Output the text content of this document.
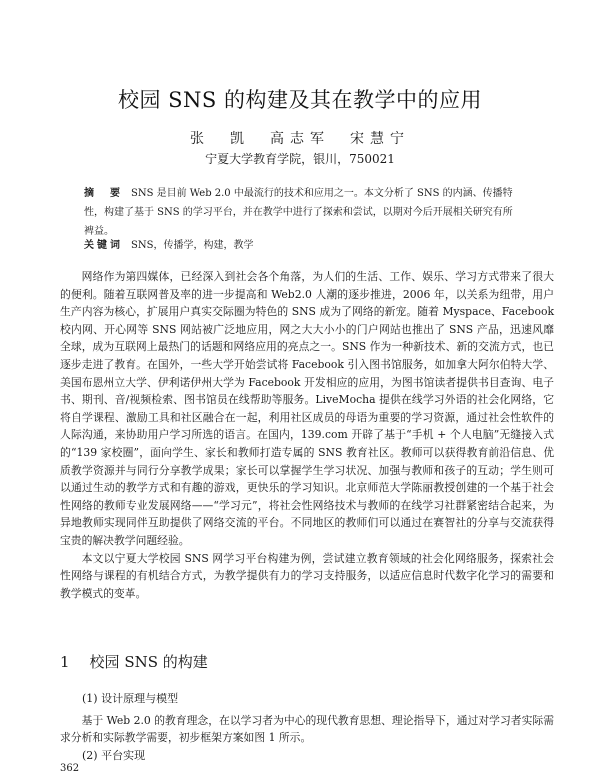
校园 SNS 的构建及其在教学中的应用
张　凯　高志军　宋慧宁
宁夏大学教育学院，银川，750021
摘　要 SNS 是目前 Web 2.0 中最流行的技术和应用之一。本文分析了 SNS 的内涵、传播特性，构建了基于 SNS 的学习平台，并在教学中进行了探索和尝试，以期对今后开展相关研究有所裨益。
关键词 SNS，传播学，构建，教学

网络作为第四媒体，已经深入到社会各个角落，为人们的生活、工作、娱乐、学习方式带来了很大的便利。随着互联网普及率的进一步提高和 Web2.0 人潮的逐步推进，2006 年，以关系为纽带，用户生产内容为核心，扩展用户真实交际圈为特色的 SNS 成为了网络的新宠。随着 Myspace、Facebook 校内网、开心网等 SNS 网站被广泛地应用，网之大大小小的门户网站也推出了 SNS 产品，迅速风靡全球，成为互联网上最热门的话题和网络应用的亮点之一。SNS 作为一种新技术、新的交流方式，也已逐步走进了教育。在国外，一些大学开始尝试将 Facebook 引入图书馆服务，如加拿大阿尔伯特大学、美国布恩州立大学、伊利诺伊州大学为 Facebook 开发相应的应用，为图书馆读者提供书目查询、电子书、期刊、音/视频检索、图书馆员在线帮助等服务。LiveMocha 提供在线学习外语的社会化网络，它将自学课程、激励工具和社区融合在一起，利用社区成员的母语为重要的学习资源，通过社会性软件的人际沟通，来协助用户学习所选的语言。在国内，139.com 开辟了基于“手机 + 个人电脑”无缝接入式的“139 家校圈”，面向学生、家长和教师打造专属的 SNS 教育社区。教师可以获得教育前沿信息、优质教学资源并与同行分享教学成果；家长可以掌握学生学习状况、加强与教师和孩子的互动；学生则可以通过生动的教学方式和有趣的游戏，更快乐的学习知识。北京师范大学陈丽教授创建的一个基于社会性网络的教师专业发展网络——“学习元”，将社会性网络技术与教师的在线学习社群紧密结合起来，为异地教师实现同伴互助提供了网络交流的平台。不同地区的教师们可以通过在赛智社的分享与交流获得宝贵的解决教学问题经验。

本文以宁夏大学校园 SNS 网学习平台构建为例，尝试建立教育领域的社会化网络服务，探索社会性网络与课程的有机结合方式，为教学提供有力的学习支持服务，以适应信息时代数字化学习的需要和教学模式的变革。

1 校园 SNS 的构建
(1) 设计原理与模型
基于 Web 2.0 的教育理念，在以学习者为中心的现代教育思想、理论指导下，通过对学习者实际需求分析和实际教学需要，初步框架方案如图 1 所示。
(2) 平台实现
362
